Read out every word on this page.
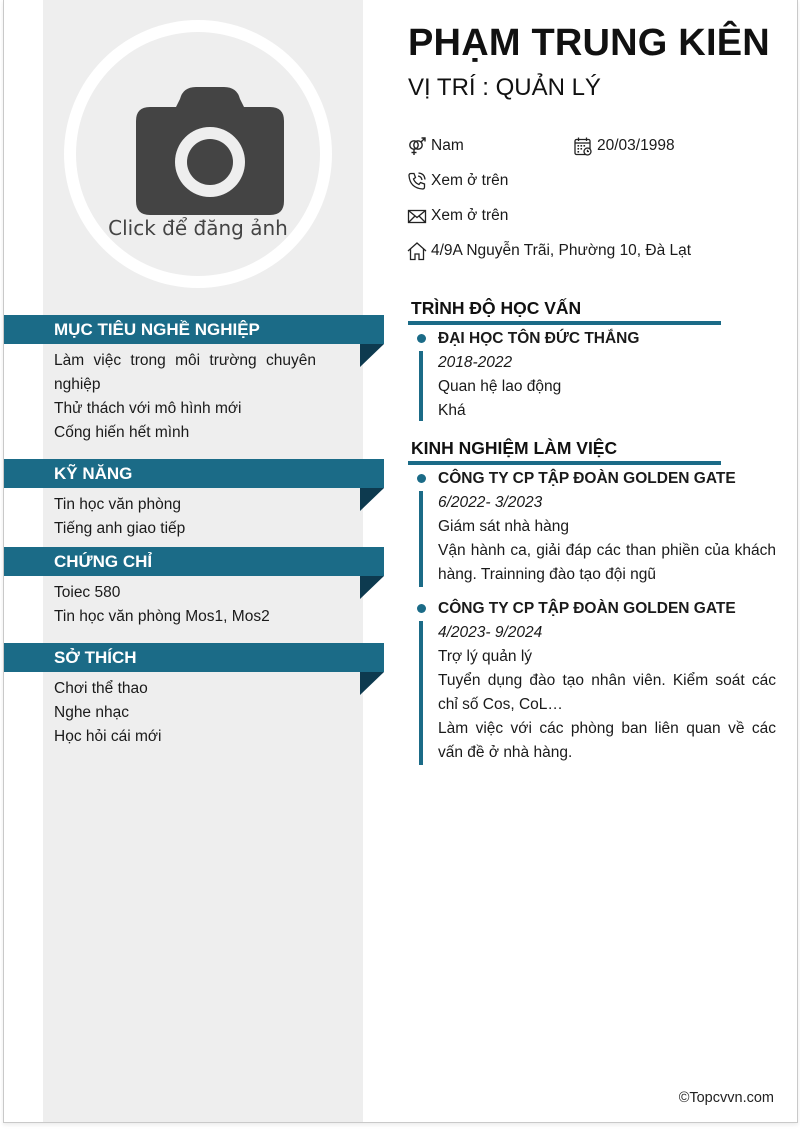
Click để đăng ảnh
MỤC TIÊU NGHỀ NGHIỆP
Làm việc trong môi trường chuyên nghiệp
Thử thách với mô hình mới
Cống hiến hết mình
KỸ NĂNG
Tin học văn phòng
Tiếng anh giao tiếp
CHỨNG CHỈ
Toiec 580
Tin học văn phòng Mos1, Mos2
SỞ THÍCH
Chơi thể thao
Nghe nhạc
Học hỏi cái mới
PHẠM TRUNG KIÊN
VỊ TRÍ : QUẢN LÝ
Nam	20/03/1998
Xem ở trên
Xem ở trên
4/9A Nguyễn Trãi, Phường 10, Đà Lạt
TRÌNH ĐỘ HỌC VẤN
ĐẠI HỌC TÔN ĐỨC THẮNG
2018-2022
Quan hệ lao động
Khá
KINH NGHIỆM LÀM VIỆC
CÔNG TY CP TẬP ĐOÀN GOLDEN GATE
6/2022- 3/2023
Giám sát nhà hàng
Vận hành ca, giải đáp các than phiền của khách hàng. Trainning đào tạo đội ngũ
CÔNG TY CP TẬP ĐOÀN GOLDEN GATE
4/2023- 9/2024
Trợ lý quản lý
Tuyển dụng đào tạo nhân viên. Kiểm soát các chỉ số Cos, CoL…
Làm việc với các phòng ban liên quan về các vấn đề ở nhà hàng.
©Topcvvn.com
